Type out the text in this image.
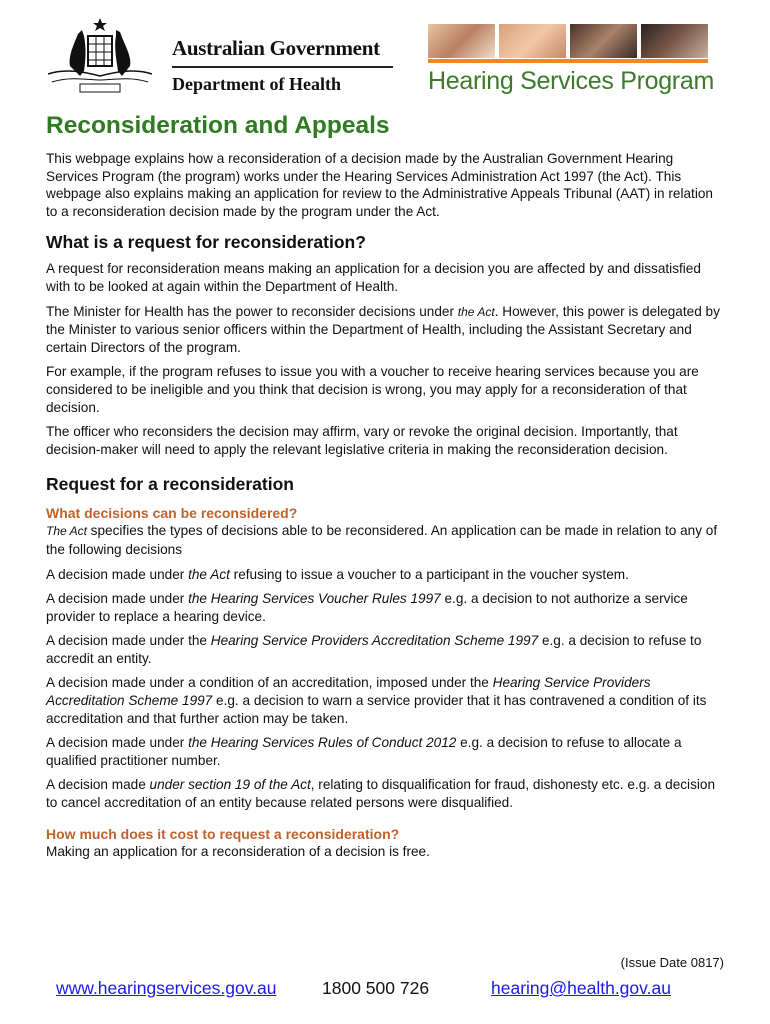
Australian Government
Department of Health	Hearing Services Program
Reconsideration and Appeals

This webpage explains how a reconsideration of a decision made by the Australian Government Hearing Services Program (the program) works under the Hearing Services Administration Act 1997 (the Act). This webpage also explains making an application for review to the Administrative Appeals Tribunal (AAT) in relation to a reconsideration decision made by the program under the Act.

What is a request for reconsideration?

A request for reconsideration means making an application for a decision you are affected by and dissatisfied with to be looked at again within the Department of Health.

The Minister for Health has the power to reconsider decisions under the Act. However, this power is delegated by the Minister to various senior officers within the Department of Health, including the Assistant Secretary and certain Directors of the program.

For example, if the program refuses to issue you with a voucher to receive hearing services because you are considered to be ineligible and you think that decision is wrong, you may apply for a reconsideration of that decision.

The officer who reconsiders the decision may affirm, vary or revoke the original decision. Importantly, that decision-maker will need to apply the relevant legislative criteria in making the reconsideration decision.

Request for a reconsideration
What decisions can be reconsidered?

The Act specifies the types of decisions able to be reconsidered. An application can be made in relation to any of the following decisions

A decision made under the Act refusing to issue a voucher to a participant in the voucher system.

A decision made under the Hearing Services Voucher Rules 1997 e.g. a decision to not authorize a service provider to replace a hearing device.

A decision made under the Hearing Service Providers Accreditation Scheme 1997 e.g. a decision to refuse to accredit an entity.

A decision made under a condition of an accreditation, imposed under the Hearing Service Providers Accreditation Scheme 1997 e.g. a decision to warn a service provider that it has contravened a condition of its accreditation and that further action may be taken.

A decision made under the Hearing Services Rules of Conduct 2012 e.g. a decision to refuse to allocate a qualified practitioner number.

A decision made under section 19 of the Act, relating to disqualification for fraud, dishonesty etc. e.g. a decision to cancel accreditation of an entity because related persons were disqualified.

How much does it cost to request a reconsideration?

Making an application for a reconsideration of a decision is free.

(Issue Date 0817)
www.hearingservices.gov.au	1800 500 726	hearing@health.gov.au
